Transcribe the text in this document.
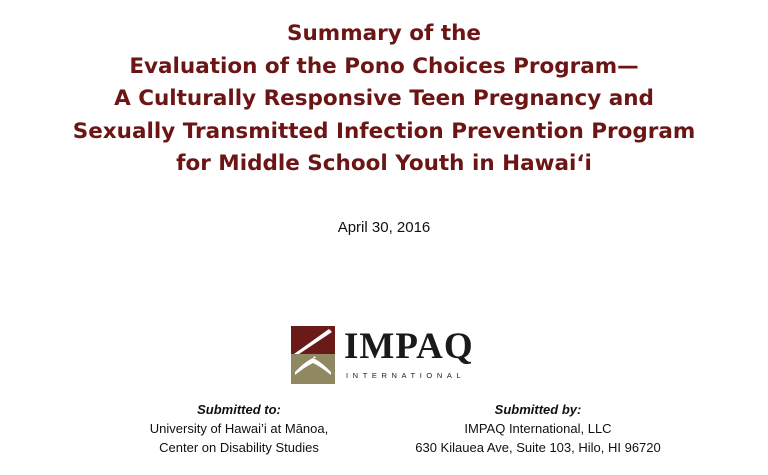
Summary of the
Evaluation of the Pono Choices Program—
A Culturally Responsive Teen Pregnancy and
Sexually Transmitted Infection Prevention Program
for Middle School Youth in Hawai‘i
April 30, 2016
IMPAQ
INTERNATIONAL
Submitted to:
University of Hawai’i at Mānoa,
Center on Disability Studies
Submitted by:
IMPAQ International, LLC
630 Kilauea Ave, Suite 103, Hilo, HI 96720
